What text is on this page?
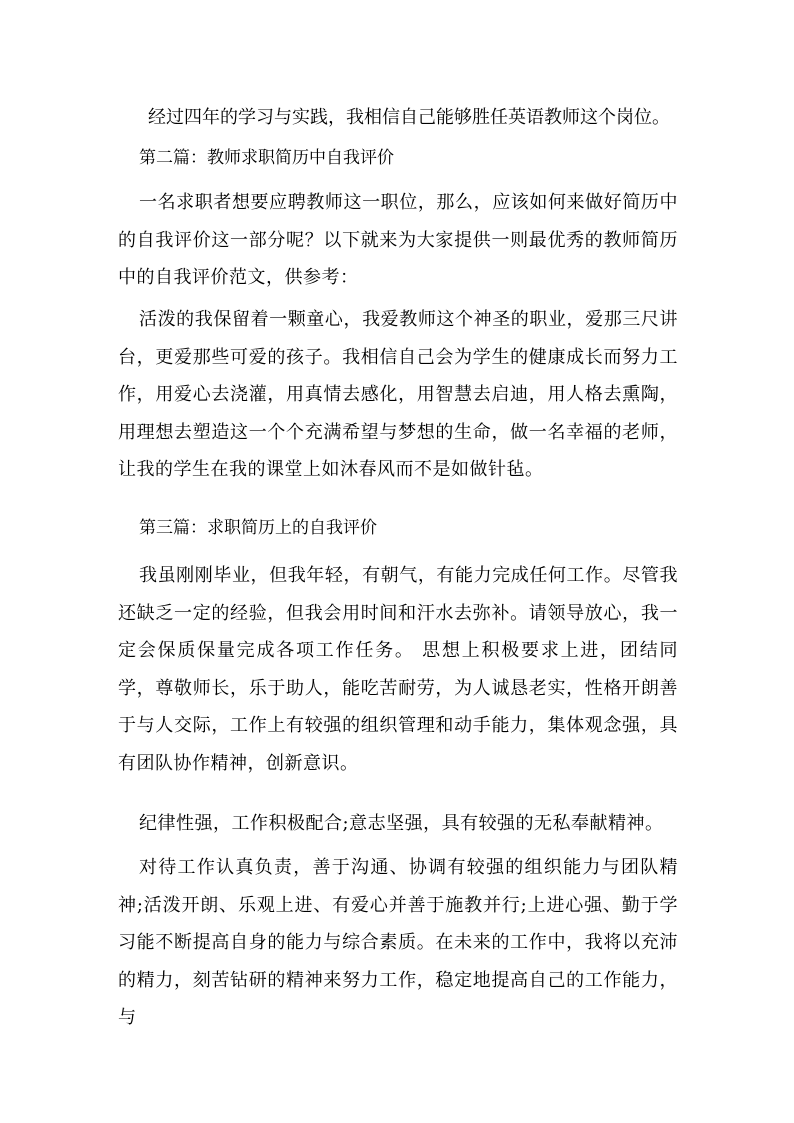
经过四年的学习与实践，我相信自己能够胜任英语教师这个岗位。

第二篇：教师求职简历中自我评价

一名求职者想要应聘教师这一职位，那么，应该如何来做好简历中的自我评价这一部分呢？以下就来为大家提供一则最优秀的教师简历中的自我评价范文，供参考：

活泼的我保留着一颗童心，我爱教师这个神圣的职业，爱那三尺讲台，更爱那些可爱的孩子。我相信自己会为学生的健康成长而努力工作，用爱心去浇灌，用真情去感化，用智慧去启迪，用人格去熏陶，用理想去塑造这一个个充满希望与梦想的生命，做一名幸福的老师，让我的学生在我的课堂上如沐春风而不是如做针毡。

第三篇：求职简历上的自我评价

我虽刚刚毕业，但我年轻，有朝气，有能力完成任何工作。尽管我还缺乏一定的经验，但我会用时间和汗水去弥补。请领导放心，我一定会保质保量完成各项工作任务。 思想上积极要求上进，团结同学，尊敬师长，乐于助人，能吃苦耐劳，为人诚恳老实，性格开朗善于与人交际，工作上有较强的组织管理和动手能力，集体观念强，具有团队协作精神，创新意识。

纪律性强，工作积极配合;意志坚强，具有较强的无私奉献精神。

对待工作认真负责，善于沟通、协调有较强的组织能力与团队精神;活泼开朗、乐观上进、有爱心并善于施教并行;上进心强、勤于学习能不断提高自身的能力与综合素质。在未来的工作中，我将以充沛的精力，刻苦钻研的精神来努力工作，稳定地提高自己的工作能力，与
